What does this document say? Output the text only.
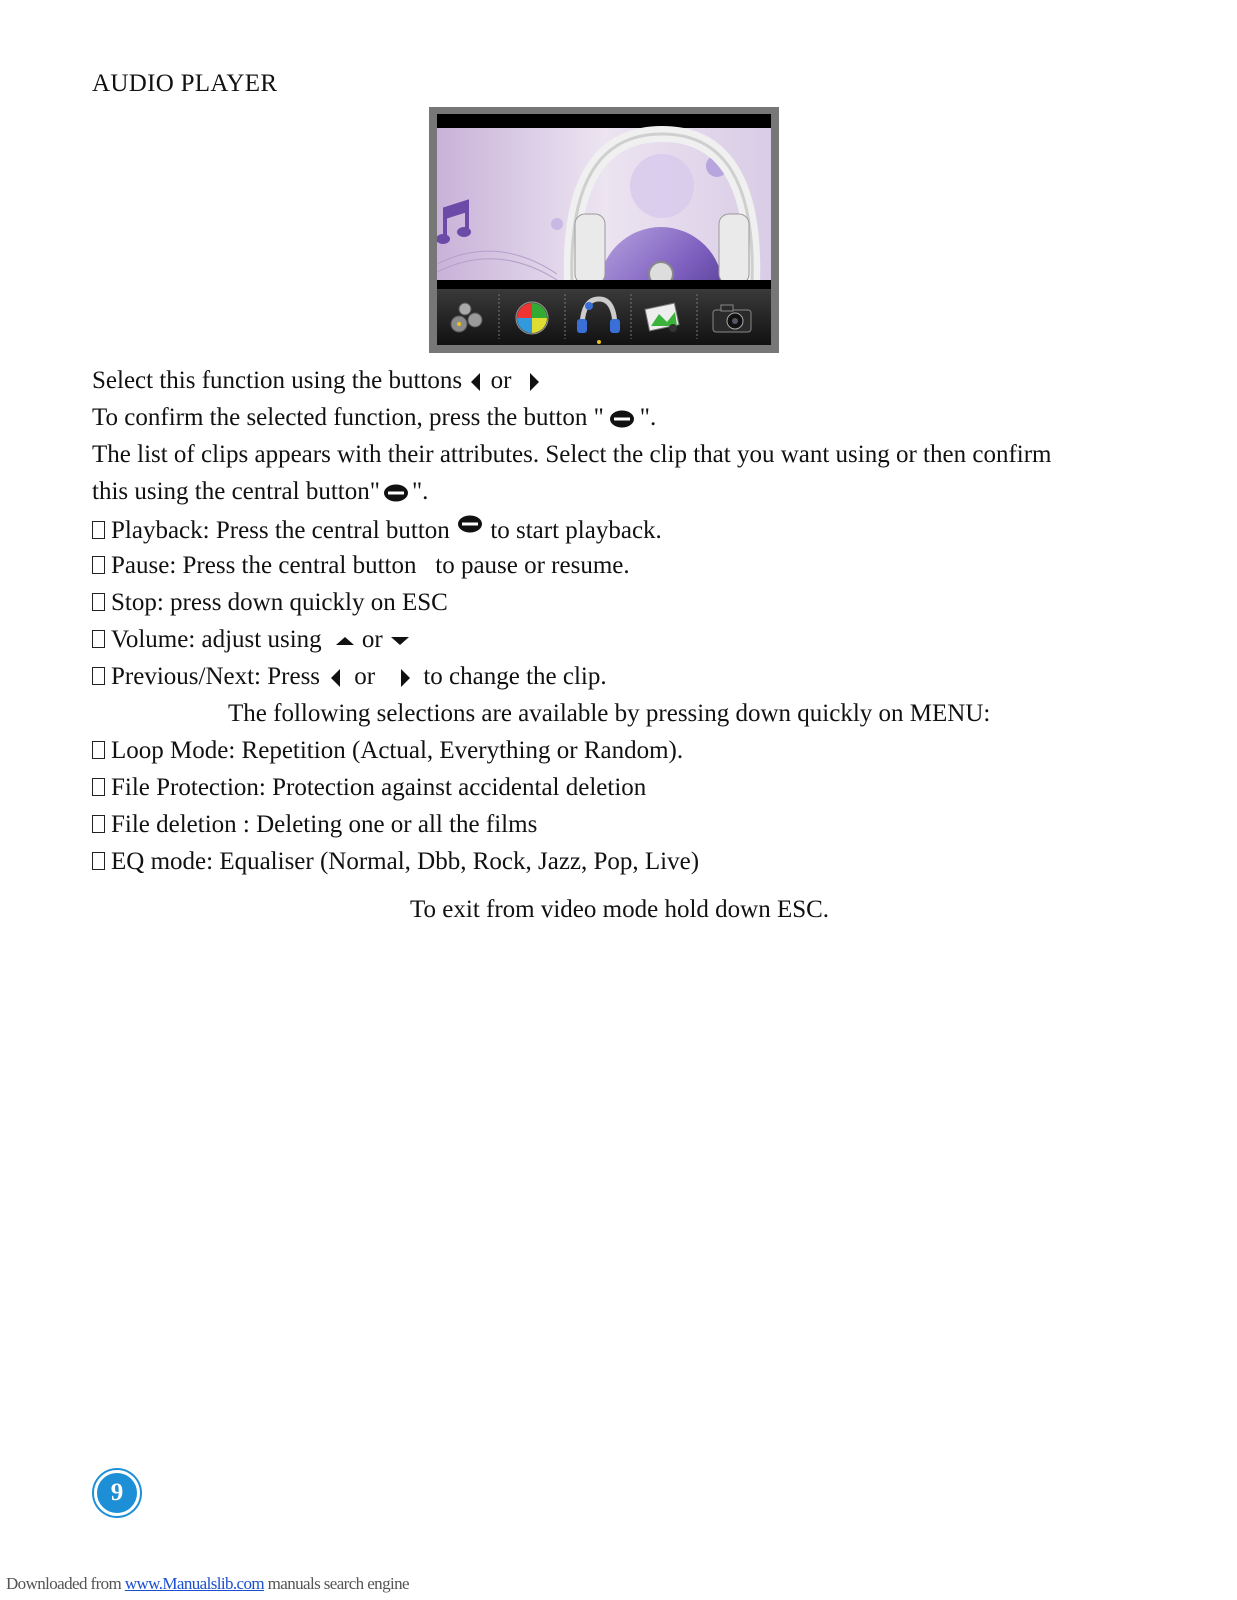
AUDIO PLAYER
Select this function using the buttons or
To confirm the selected function, press the button " ".
The list of clips appears with their attributes. Select the clip that you want using or then confirm
this using the central button" ".
Playback: Press the central button to start playback.
Pause: Press the central button   to pause or resume.
Stop: press down quickly on ESC
Volume: adjust using or
Previous/Next: Press or to change the clip.
The following selections are available by pressing down quickly on MENU:
Loop Mode: Repetition (Actual, Everything or Random).
File Protection: Protection against accidental deletion
File deletion : Deleting one or all the films
EQ mode: Equaliser (Normal, Dbb, Rock, Jazz, Pop, Live)
To exit from video mode hold down ESC.
9
Downloaded from www.Manualslib.com manuals search engine
